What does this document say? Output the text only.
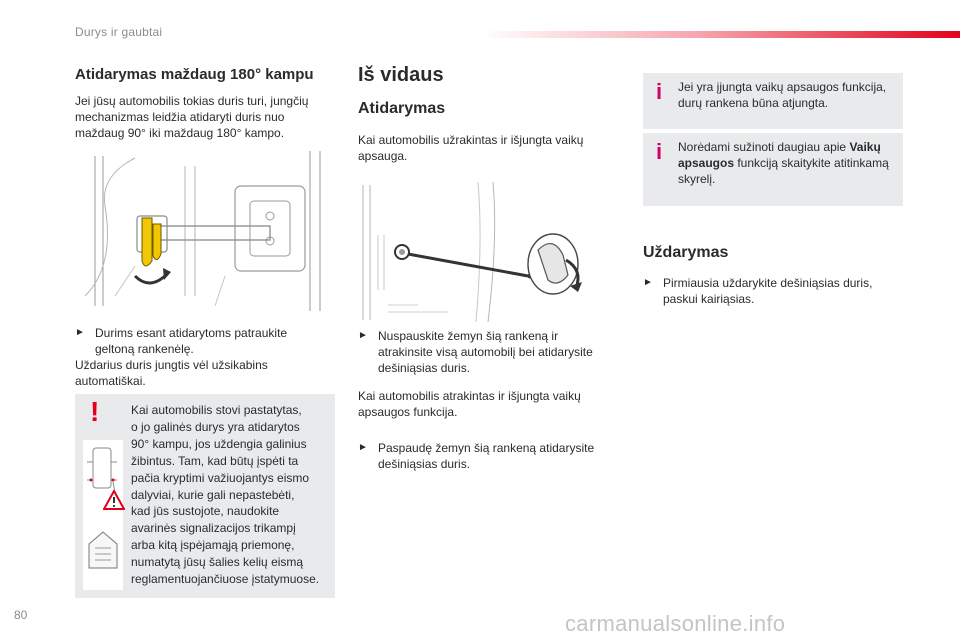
Durys ir gaubtai
Atidarymas maždaug 180° kampu
Jei jūsų automobilis tokias duris turi, jungčių
mechanizmas leidžia atidaryti duris nuo
maždaug 90° iki maždaug 180° kampo.
► Durims esant atidarytoms patraukite
geltoną rankenėlę.
Uždarius duris jungtis vėl užsikabins
automatiškai.
!	Kai automobilis stovi pastatytas,
o jo galinės durys yra atidarytos
90° kampu, jos uždengia galinius
žibintus. Tam, kad būtų įspėti ta
pačia kryptimi važiuojantys eismo
dalyviai, kurie gali nepastebėti,
kad jūs sustojote, naudokite
avarinės signalizacijos trikampį
arba kitą įspėjamąją priemonę,
numatytą jūsų šalies kelių eismą
reglamentuojančiuose įstatymuose.
Iš vidaus
Atidarymas
Kai automobilis užrakintas ir išjungta vaikų
apsauga.
► Nuspauskite žemyn šią rankeną ir
atrakinsite visą automobilį bei atidarysite
dešiniąsias duris.
Kai automobilis atrakintas ir išjungta vaikų
apsaugos funkcija.
► Paspaudę žemyn šią rankeną atidarysite
dešiniąsias duris.
i Jei yra įjungta vaikų apsaugos funkcija,
durų rankena būna atjungta.
i Norėdami sužinoti daugiau apie Vaikų
apsaugos funkciją skaitykite atitinkamą
skyrelį.
Uždarymas
► Pirmiausia uždarykite dešiniąsias duris,
paskui kairiąsias.
80	carmanualsonline.info
